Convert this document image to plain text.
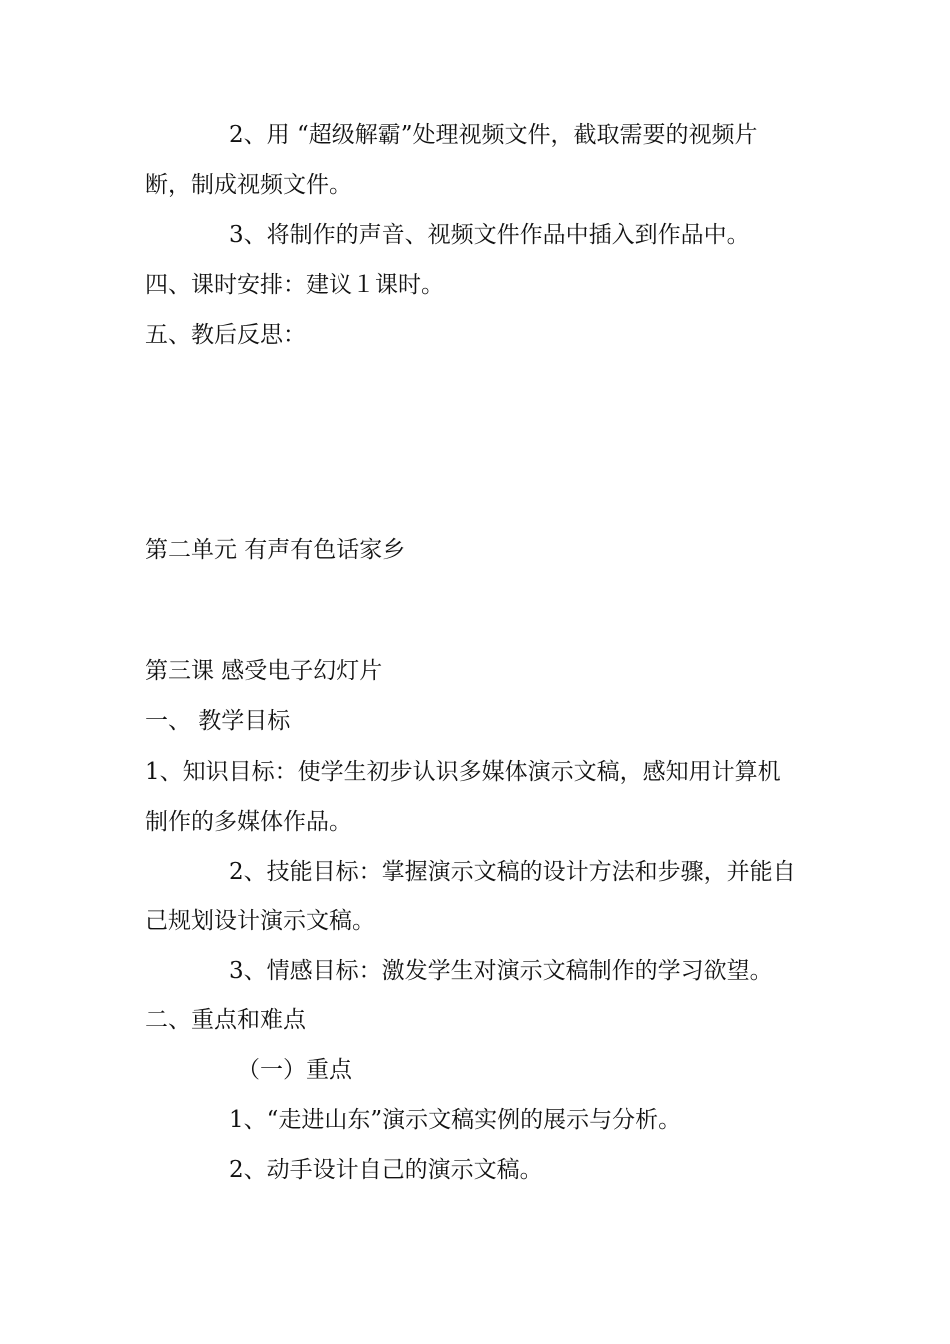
2、用 “超级解霸”处理视频文件，截取需要的视频片

断，制成视频文件。

3、将制作的声音、视频文件作品中插入到作品中。

四、课时安排：建议１课时。

五、教后反思：

第二单元 有声有色话家乡

第三课 感受电子幻灯片

一、 教学目标

1、知识目标：使学生初步认识多媒体演示文稿，感知用计算机

制作的多媒体作品。

2、技能目标：掌握演示文稿的设计方法和步骤，并能自

己规划设计演示文稿。

3、情感目标：激发学生对演示文稿制作的学习欲望。

二、重点和难点

（一）重点

1、“走进山东”演示文稿实例的展示与分析。

2、动手设计自己的演示文稿。
